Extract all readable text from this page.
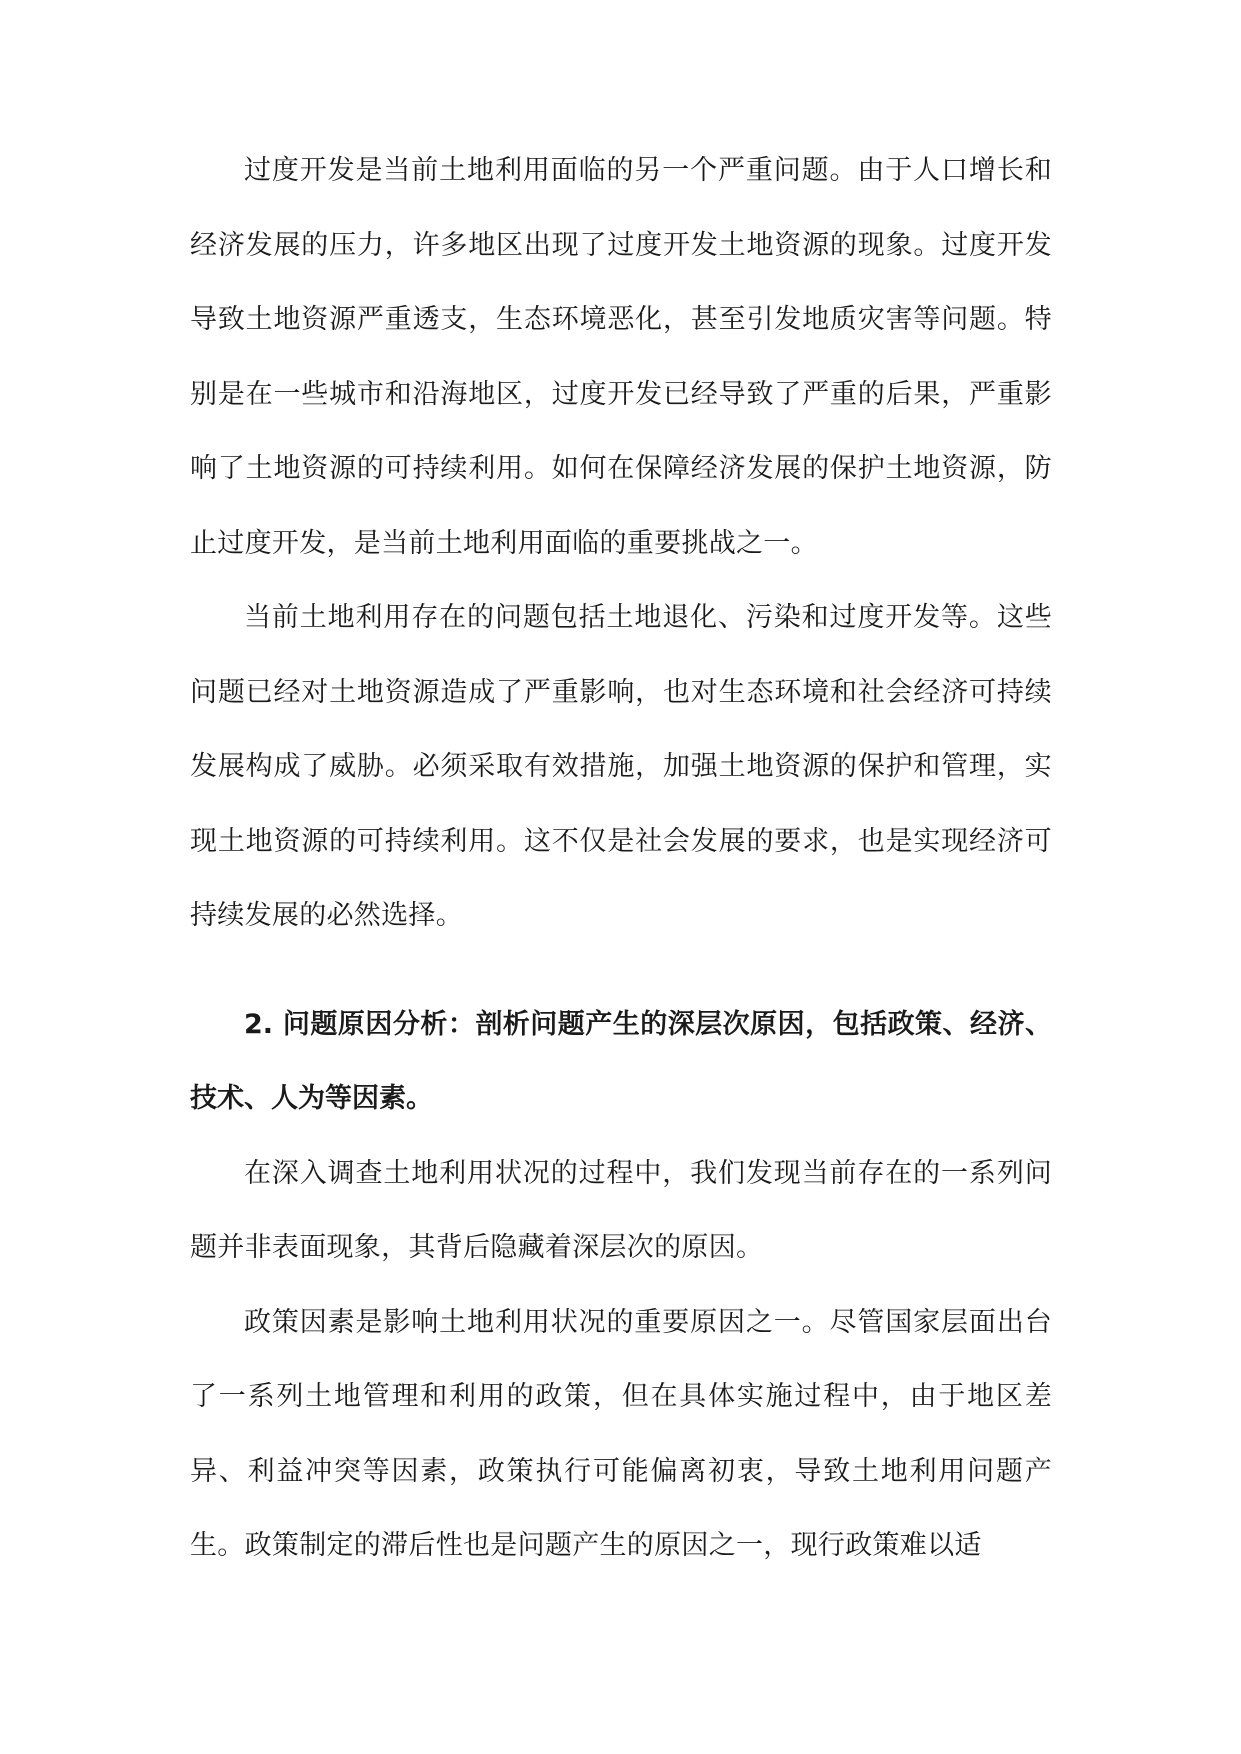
过度开发是当前土地利用面临的另一个严重问题。由于人口增长和经济发展的压力，许多地区出现了过度开发土地资源的现象。过度开发导致土地资源严重透支，生态环境恶化，甚至引发地质灾害等问题。特别是在一些城市和沿海地区，过度开发已经导致了严重的后果，严重影响了土地资源的可持续利用。如何在保障经济发展的保护土地资源，防止过度开发，是当前土地利用面临的重要挑战之一。

当前土地利用存在的问题包括土地退化、污染和过度开发等。这些问题已经对土地资源造成了严重影响，也对生态环境和社会经济可持续发展构成了威胁。必须采取有效措施，加强土地资源的保护和管理，实现土地资源的可持续利用。这不仅是社会发展的要求，也是实现经济可持续发展的必然选择。

2. 问题原因分析：剖析问题产生的深层次原因，包括政策、经济、技术、人为等因素。

在深入调查土地利用状况的过程中，我们发现当前存在的一系列问题并非表面现象，其背后隐藏着深层次的原因。

政策因素是影响土地利用状况的重要原因之一。尽管国家层面出台了一系列土地管理和利用的政策，但在具体实施过程中，由于地区差异、利益冲突等因素，政策执行可能偏离初衷，导致土地利用问题产生。政策制定的滞后性也是问题产生的原因之一，现行政策难以适
